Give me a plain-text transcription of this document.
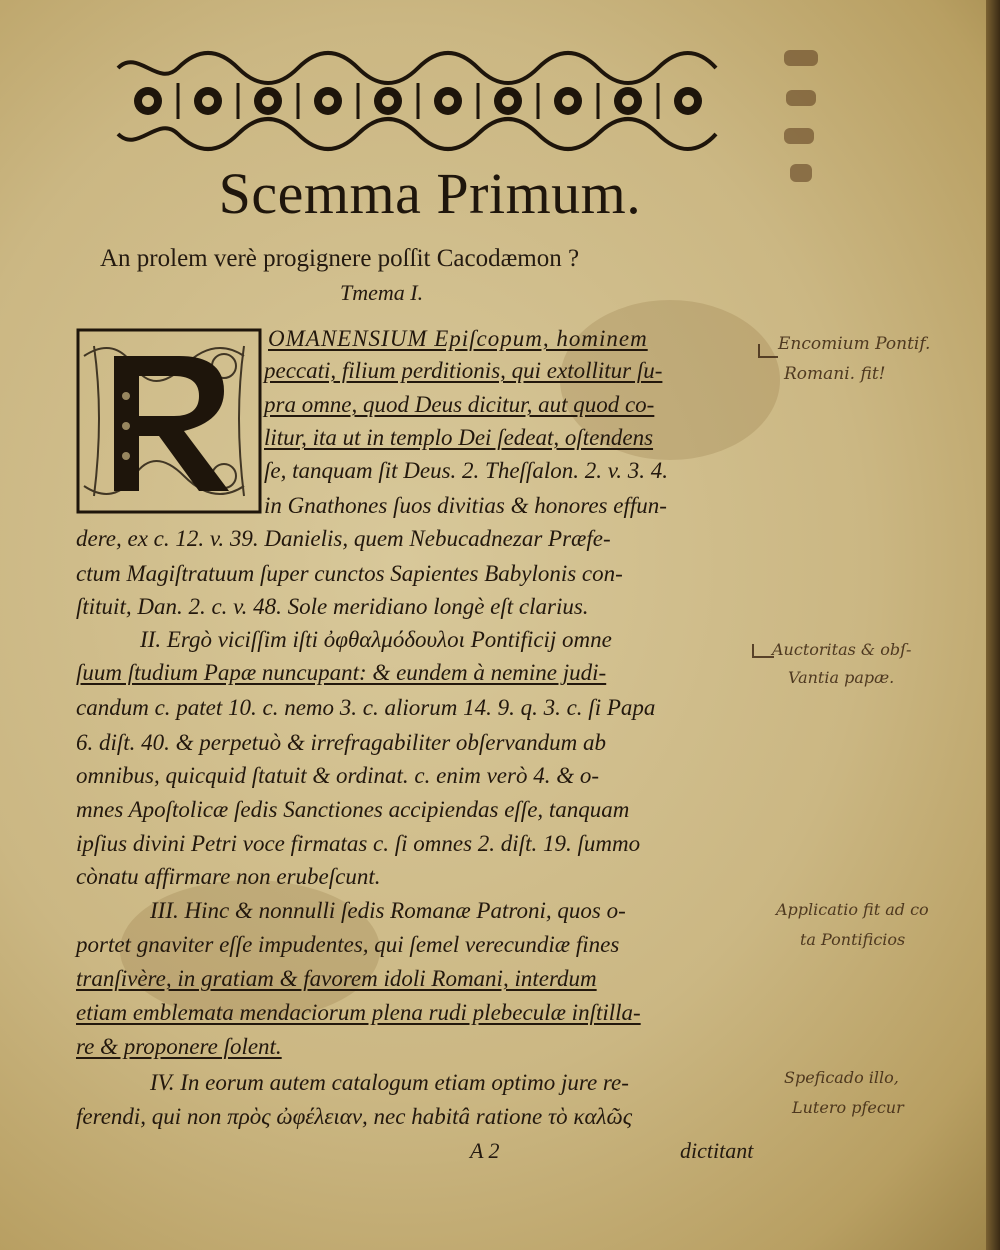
Scemma Primum.
An prolem verè progignere poſſit Cacodæmon ?
Tmema I.
OMANENSIUM Epiſcopum, hominem
peccati, filium perditionis, qui extollitur ſu-
pra omne, quod Deus dicitur, aut quod co-
litur, ita ut in templo Dei ſedeat, oſtendens
ſe, tanquam ſit Deus. 2. Theſſalon. 2. v. 3. 4.
in Gnathones ſuos divitias & honores effun-
dere, ex c. 12. v. 39. Danielis, quem Nebucadnezar Præfe-
ctum Magiſtratuum ſuper cunctos Sapientes Babylonis con-
ſtituit, Dan. 2. c. v. 48. Sole meridiano longè eſt clarius.
II. Ergò viciſſim iſti ὀφθαλμόδουλοι Pontificij omne
ſuum ſtudium Papæ nuncupant: & eundem à nemine judi-
candum c. patet 10. c. nemo 3. c. aliorum 14. 9. q. 3. c. ſi Papa
6. diſt. 40. & perpetuò & irrefragabiliter obſervandum ab
omnibus, quicquid ſtatuit & ordinat. c. enim verò 4. & o-
mnes Apoſtolicæ ſedis Sanctiones accipiendas eſſe, tanquam
ipſius divini Petri voce firmatas c. ſi omnes 2. diſt. 19. ſummo
cònatu affirmare non erubeſcunt.
III. Hinc & nonnulli ſedis Romanæ Patroni, quos o-
portet gnaviter eſſe impudentes, qui ſemel verecundiæ fines
tranſivère, in gratiam & favorem idoli Romani, interdum
etiam emblemata mendaciorum plena rudi plebeculæ inſtilla-
re & proponere ſolent.
IV. In eorum autem catalogum etiam optimo jure re-
ferendi, qui non πρὸς ὠφέλειαν, nec habitâ ratione τὸ καλῶς
A 2	dictitant
Encomium Pontif.
Romani. fit!
Auctoritas & obſ-
Vantia papæ.
Applicatio fit ad co
ta Pontificios
Speficado illo,
Lutero pfecur
